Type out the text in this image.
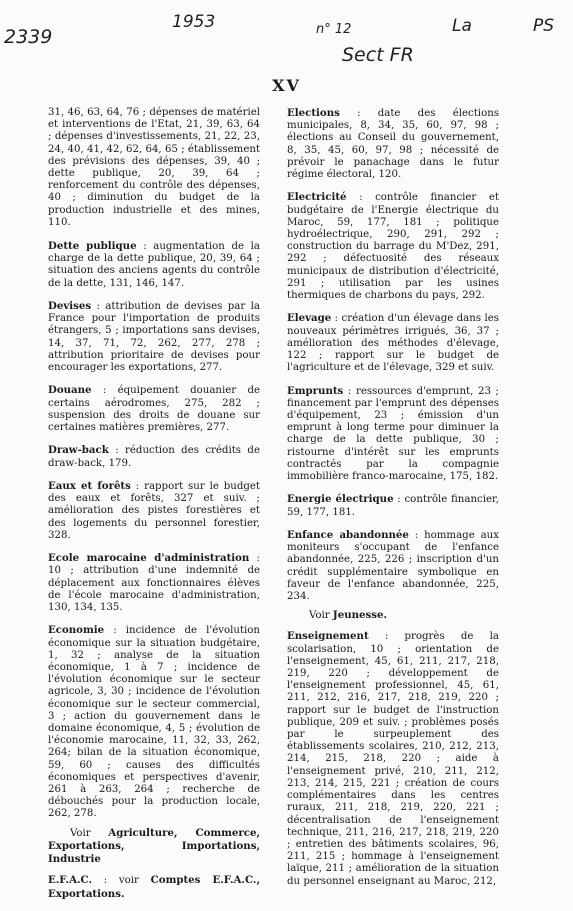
2339
1953	n° 12
Sect FR
La	PS
XV

31, 46, 63, 64, 76 ; dépenses de matériel et interventions de l'Etat, 21, 39, 63, 64 ; dépenses d'investissements, 21, 22, 23, 24, 40, 41, 42, 62, 64, 65 ; établissement des prévisions des dépenses, 39, 40 ; dette publique, 20, 39, 64 ; renforcement du contrôle des dépenses, 40 ; diminution du budget de la production industrielle et des mines, 110.

Dette publique : augmentation de la charge de la dette publique, 20, 39, 64 ; situation des anciens agents du contrôle de la dette, 131, 146, 147.

Devises : attribution de devises par la France pour l'importation de produits étrangers, 5 ; importations sans devises, 14, 37, 71, 72, 262, 277, 278 ; attribution prioritaire de devises pour encourager les exportations, 277.

Douane : équipement douanier de certains aérodromes, 275, 282 ; suspension des droits de douane sur certaines matières premières, 277.

Draw-back : réduction des crédits de draw-back, 179.

Eaux et forêts : rapport sur le budget des eaux et forêts, 327 et suiv. ; amélioration des pistes forestières et des logements du personnel forestier, 328.

Ecole marocaine d'administration : 10 ; attribution d'une indemnité de déplacement aux fonctionnaires élèves de l'école marocaine d'administration, 130, 134, 135.

Economie : incidence de l'évolution économique sur la situation budgétaire, 1, 32 ; analyse de la situation économique, 1 à 7 ; incidence de l'évolution économique sur le secteur agricole, 3, 30 ; incidence de l'évolution économique sur le secteur commercial, 3 ; action du gouvernement dans le domaine économique, 4, 5 ; évolution de l'économie marocaine, 11, 32, 33, 262, 264; bilan de la situation économique, 59, 60 ; causes des difficultés économiques et perspectives d'avenir, 261 à 263, 264 ; recherche de débouchés pour la production locale, 262, 278.

Voir Agriculture, Commerce, Exportations, Importations, Industrie

E.F.A.C. : voir Comptes E.F.A.C., Exportations.

Elections : date des élections municipales, 8, 34, 35, 60, 97, 98 ; élections au Conseil du gouvernement, 8, 35, 45, 60, 97, 98 ; nécessité de prévoir le panachage dans le futur régime électoral, 120.

Electricité : contrôle financier et budgétaire de l'Energie électrique du Maroc, 59, 177, 181 ; politique hydroélectrique, 290, 291, 292 ; construction du barrage du M'Dez, 291, 292 ; défectuosité des réseaux municipaux de distribution d'électricité, 291 ; utilisation par les usines thermiques de charbons du pays, 292.

Elevage : création d'un élevage dans les nouveaux périmètres irrigués, 36, 37 ; amélioration des méthodes d'élevage, 122 ; rapport sur le budget de l'agriculture et de l'élevage, 329 et suiv.

Emprunts : ressources d'emprunt, 23 ; financement par l'emprunt des dépenses d'équipement, 23 ; émission d'un emprunt à long terme pour diminuer la charge de la dette publique, 30 ; ristourne d'intérêt sur les emprunts contractés par la compagnie immobilière franco-marocaine, 175, 182.

Energie électrique : contrôle financier, 59, 177, 181.

Enfance abandonnée : hommage aux moniteurs s'occupant de l'enfance abandonnée, 225, 226 ; inscription d'un crédit supplémentaire symbolique en faveur de l'enfance abandonnée, 225, 234.

Voir Jeunesse.

Enseignement : progrès de la scolarisation, 10 ; orientation de l'enseignement, 45, 61, 211, 217, 218, 219, 220 ; développement de l'enseignement professionnel, 45, 61, 211, 212, 216, 217, 218, 219, 220 ; rapport sur le budget de l'instruction publique, 209 et suiv. ; problèmes posés par le surpeuplement des établissements scolaires, 210, 212, 213, 214, 215, 218, 220 ; aide à l'enseignement privé, 210, 211, 212, 213, 214, 215, 221 ; création de cours complémentaires dans les centres ruraux, 211, 218, 219, 220, 221 ; décentralisation de l'enseignement technique, 211, 216, 217, 218, 219, 220 ; entretien des bâtiments scolaires, 96, 211, 215 ; hommage à l'enseignement laïque, 211 ; amélioration de la situation du personnel enseignant au Maroc, 212,
